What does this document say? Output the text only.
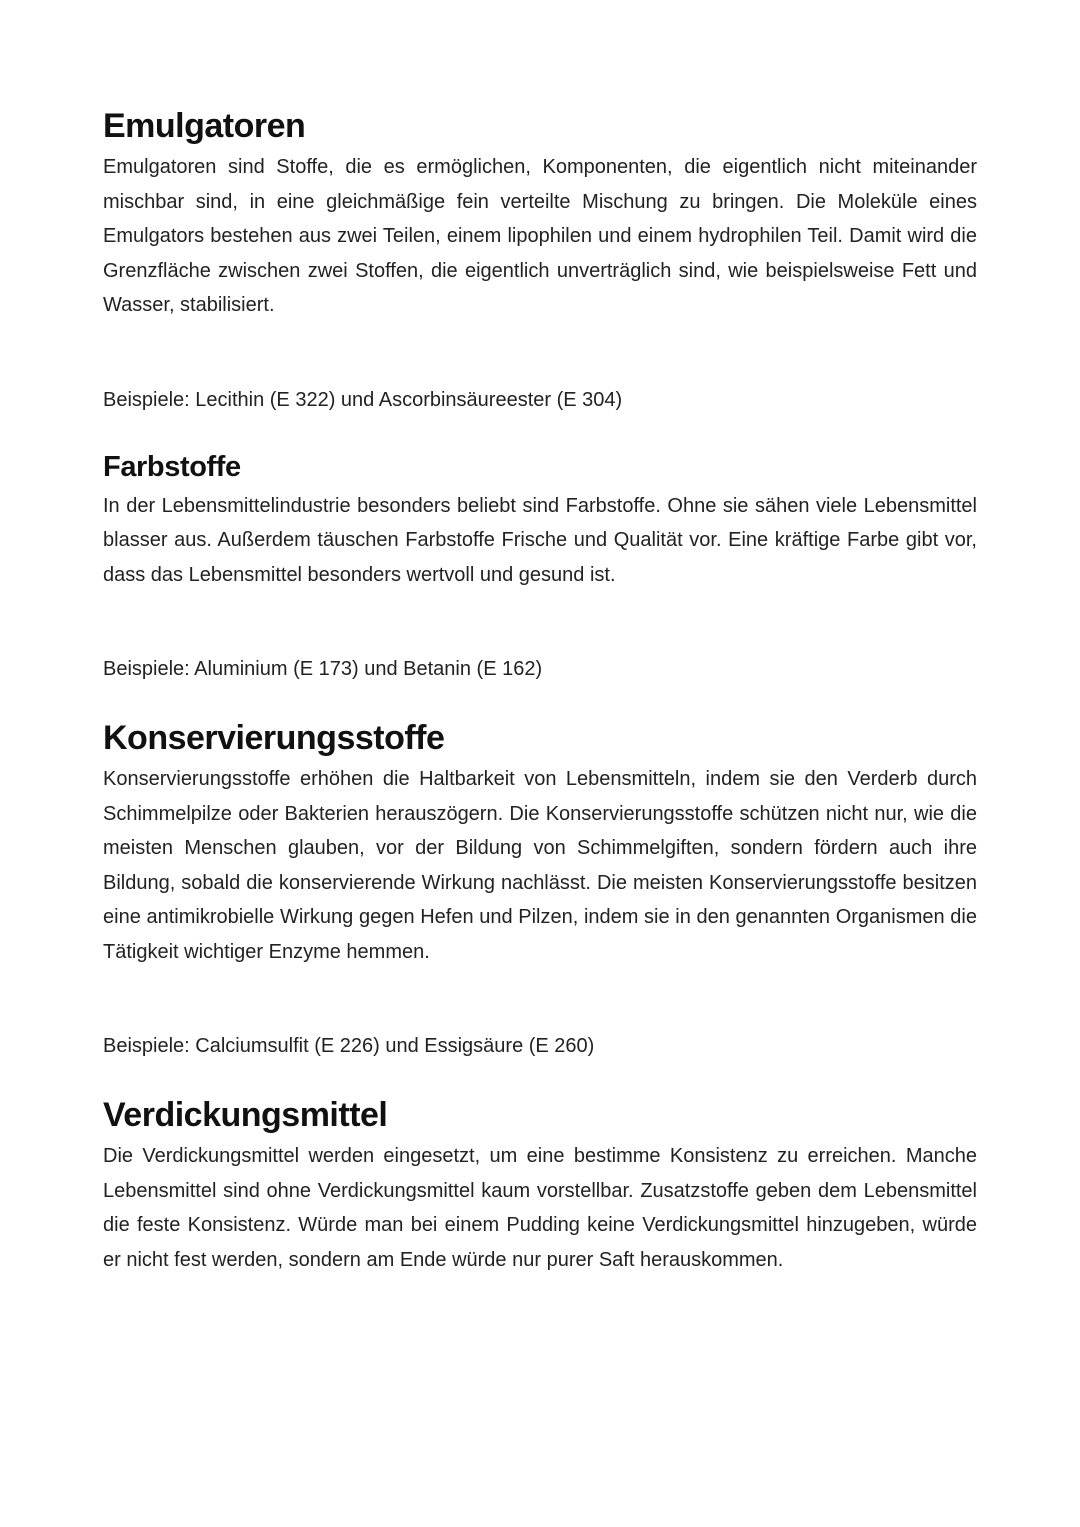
Emulgatoren

Emulgatoren sind Stoffe, die es ermöglichen, Komponenten, die eigentlich nicht miteinander mischbar sind, in eine gleichmäßige fein verteilte Mischung zu bringen. Die Moleküle eines Emulgators bestehen aus zwei Teilen, einem lipophilen und einem hydrophilen Teil. Damit wird die Grenzfläche zwischen zwei Stoffen, die eigentlich unverträglich sind, wie beispielsweise Fett und Wasser, stabilisiert.

Beispiele: Lecithin (E 322) und Ascorbinsäureester (E 304)

Farbstoffe

In der Lebensmittelindustrie besonders beliebt sind Farbstoffe. Ohne sie sähen viele Lebensmittel blasser aus. Außerdem täuschen Farbstoffe Frische und Qualität vor. Eine kräftige Farbe gibt vor, dass das Lebensmittel besonders wertvoll und gesund ist.

Beispiele: Aluminium (E 173) und Betanin (E 162)

Konservierungsstoffe

Konservierungsstoffe erhöhen die Haltbarkeit von Lebensmitteln, indem sie den Verderb durch Schimmelpilze oder Bakterien herauszögern. Die Konservierungsstoffe schützen nicht nur, wie die meisten Menschen glauben, vor der Bildung von Schimmelgiften, sondern fördern auch ihre Bildung, sobald die konservierende Wirkung nachlässt. Die meisten Konservierungsstoffe besitzen eine antimikrobielle Wirkung gegen Hefen und Pilzen, indem sie in den genannten Organismen die Tätigkeit wichtiger Enzyme hemmen.

Beispiele: Calciumsulfit (E 226) und Essigsäure (E 260)

Verdickungsmittel

Die Verdickungsmittel werden eingesetzt, um eine bestimme Konsistenz zu erreichen. Manche Lebensmittel sind ohne Verdickungsmittel kaum vorstellbar. Zusatzstoffe geben dem Lebensmittel die feste Konsistenz. Würde man bei einem Pudding keine Verdickungsmittel hinzugeben, würde er nicht fest werden, sondern am Ende würde nur purer Saft herauskommen.
